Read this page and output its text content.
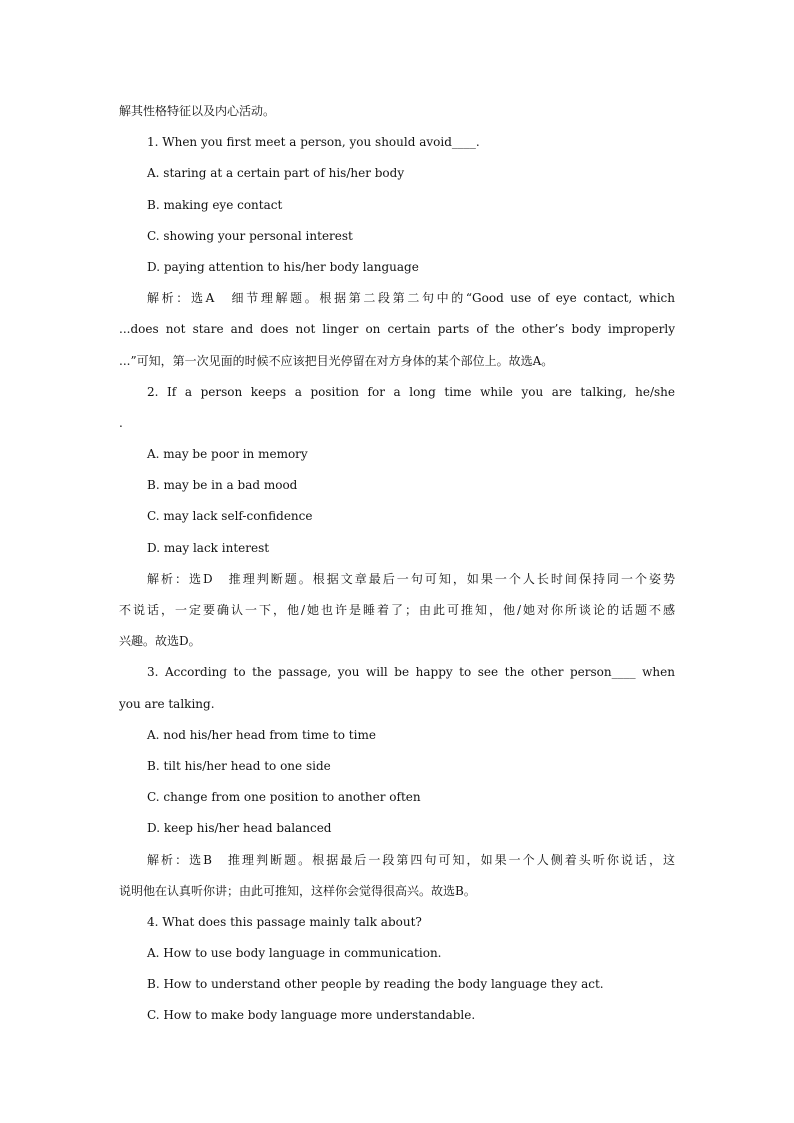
解其性格特征以及内心活动。
1. When you first meet a person, you should avoid____.
A. staring at a certain part of his/her body
B. making eye contact
C. showing your personal interest
D. paying attention to his/her body language
解析：选A　细节理解题。根据第二段第二句中的“Good use of eye contact, which
...does not stare and does not linger on certain parts of the other’s body improperly
...”可知，第一次见面的时候不应该把目光停留在对方身体的某个部位上。故选A。
2. If a person keeps a position for a long time while you are talking, he/she
.
A. may be poor in memory
B. may be in a bad mood
C. may lack self-confidence
D. may lack interest
解析：选D　推理判断题。根据文章最后一句可知，如果一个人长时间保持同一个姿势
不说话，一定要确认一下，他/她也许是睡着了；由此可推知，他/她对你所谈论的话题不感
兴趣。故选D。
3. According to the passage, you will be happy to see the other person____ when
you are talking.
A. nod his/her head from time to time
B. tilt his/her head to one side
C. change from one position to another often
D. keep his/her head balanced
解析：选B　推理判断题。根据最后一段第四句可知，如果一个人侧着头听你说话，这
说明他在认真听你讲；由此可推知，这样你会觉得很高兴。故选B。
4. What does this passage mainly talk about?
A. How to use body language in communication.
B. How to understand other people by reading the body language they act.
C. How to make body language more understandable.
